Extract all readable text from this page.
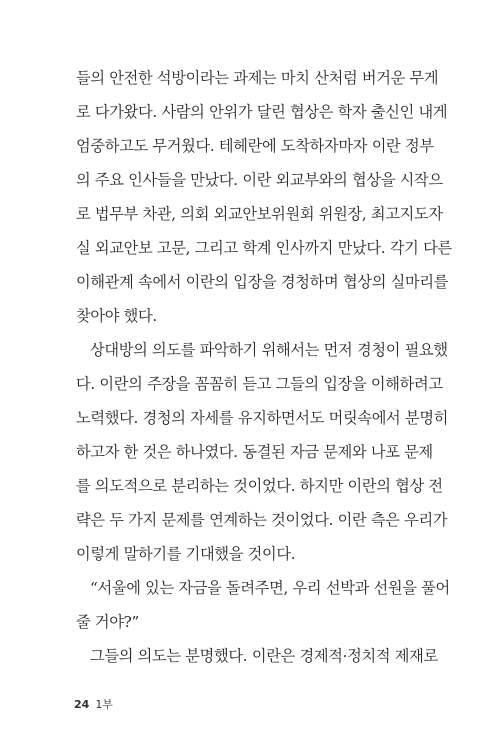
들의 안전한 석방이라는 과제는 마치 산처럼 버거운 무게
로 다가왔다. 사람의 안위가 달린 협상은 학자 출신인 내게
엄중하고도 무거웠다. 테헤란에 도착하자마자 이란 정부
의 주요 인사들을 만났다. 이란 외교부와의 협상을 시작으
로 법무부 차관, 의회 외교안보위원회 위원장, 최고지도자
실 외교안보 고문, 그리고 학계 인사까지 만났다. 각기 다른
이해관계 속에서 이란의 입장을 경청하며 협상의 실마리를
찾아야 했다.
상대방의 의도를 파악하기 위해서는 먼저 경청이 필요했
다. 이란의 주장을 꼼꼼히 듣고 그들의 입장을 이해하려고
노력했다. 경청의 자세를 유지하면서도 머릿속에서 분명히
하고자 한 것은 하나였다. 동결된 자금 문제와 나포 문제
를 의도적으로 분리하는 것이었다. 하지만 이란의 협상 전
략은 두 가지 문제를 연계하는 것이었다. 이란 측은 우리가
이렇게 말하기를 기대했을 것이다.
“서울에 있는 자금을 돌려주면, 우리 선박과 선원을 풀어
줄 거야?”
그들의 의도는 분명했다. 이란은 경제적·정치적 제재로
24 1부
